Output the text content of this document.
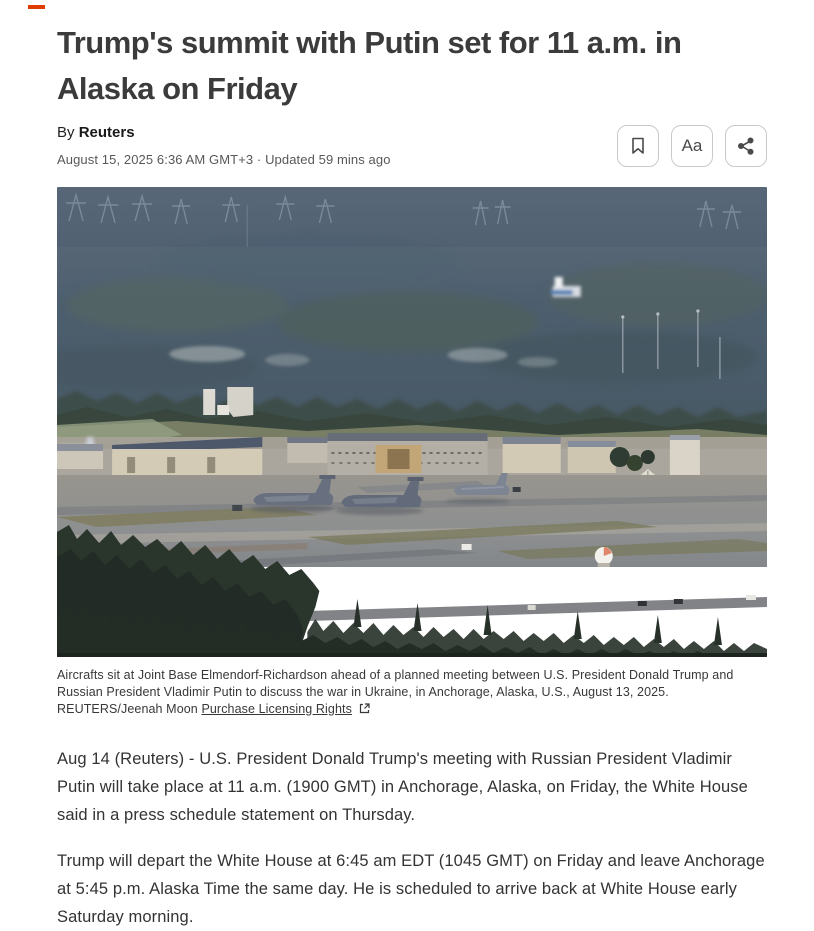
Trump's summit with Putin set for 11 a.m. in Alaska on Friday
By Reuters
August 15, 2025 6:36 AM GMT+3 · Updated 59 mins ago
Aa
Aircrafts sit at Joint Base Elmendorf-Richardson ahead of a planned meeting between U.S. President Donald Trump and Russian President Vladimir Putin to discuss the war in Ukraine, in Anchorage, Alaska, U.S., August 13, 2025. REUTERS/Jeenah Moon Purchase Licensing Rights

Aug 14 (Reuters) - U.S. President Donald Trump's meeting with Russian President Vladimir Putin will take place at 11 a.m. (1900 GMT) in Anchorage, Alaska, on Friday, the White House said in a press schedule statement on Thursday.

Trump will depart the White House at 6:45 am EDT (1045 GMT) on Friday and leave Anchorage at 5:45 p.m. Alaska Time the same day. He is scheduled to arrive back at White House early Saturday morning.
